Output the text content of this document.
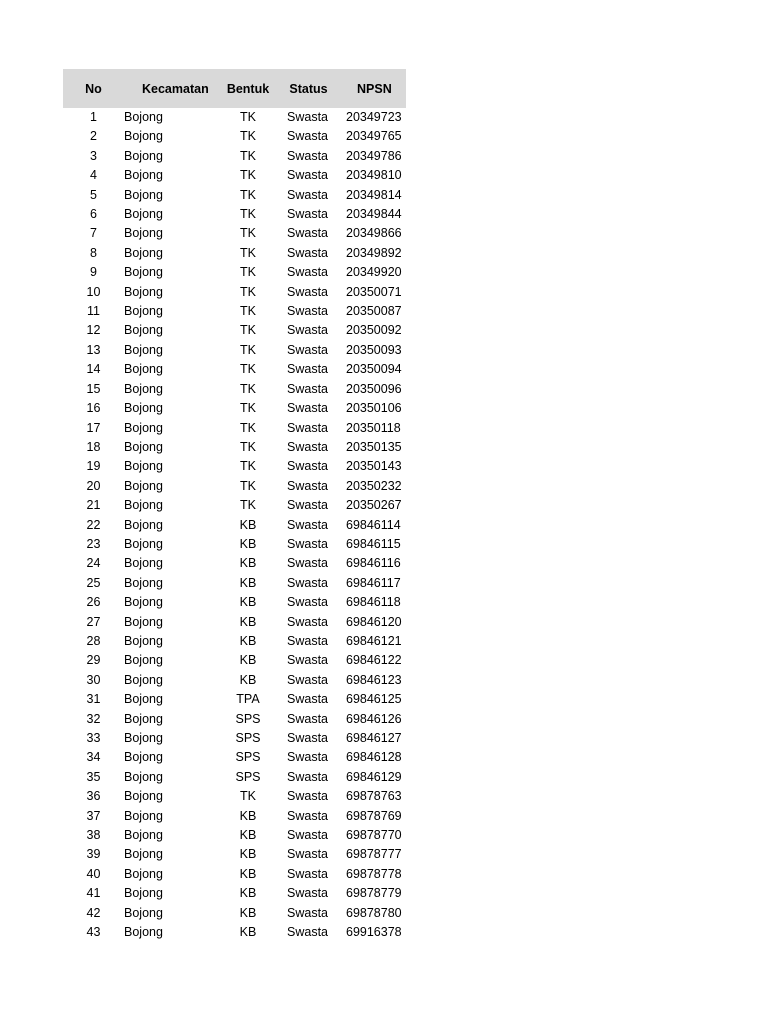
No	Kecamatan	Bentuk	Status	NPSN
1	Bojong	TK	Swasta	20349723
2	Bojong	TK	Swasta	20349765
3	Bojong	TK	Swasta	20349786
4	Bojong	TK	Swasta	20349810
5	Bojong	TK	Swasta	20349814
6	Bojong	TK	Swasta	20349844
7	Bojong	TK	Swasta	20349866
8	Bojong	TK	Swasta	20349892
9	Bojong	TK	Swasta	20349920
10	Bojong	TK	Swasta	20350071
11	Bojong	TK	Swasta	20350087
12	Bojong	TK	Swasta	20350092
13	Bojong	TK	Swasta	20350093
14	Bojong	TK	Swasta	20350094
15	Bojong	TK	Swasta	20350096
16	Bojong	TK	Swasta	20350106
17	Bojong	TK	Swasta	20350118
18	Bojong	TK	Swasta	20350135
19	Bojong	TK	Swasta	20350143
20	Bojong	TK	Swasta	20350232
21	Bojong	TK	Swasta	20350267
22	Bojong	KB	Swasta	69846114
23	Bojong	KB	Swasta	69846115
24	Bojong	KB	Swasta	69846116
25	Bojong	KB	Swasta	69846117
26	Bojong	KB	Swasta	69846118
27	Bojong	KB	Swasta	69846120
28	Bojong	KB	Swasta	69846121
29	Bojong	KB	Swasta	69846122
30	Bojong	KB	Swasta	69846123
31	Bojong	TPA	Swasta	69846125
32	Bojong	SPS	Swasta	69846126
33	Bojong	SPS	Swasta	69846127
34	Bojong	SPS	Swasta	69846128
35	Bojong	SPS	Swasta	69846129
36	Bojong	TK	Swasta	69878763
37	Bojong	KB	Swasta	69878769
38	Bojong	KB	Swasta	69878770
39	Bojong	KB	Swasta	69878777
40	Bojong	KB	Swasta	69878778
41	Bojong	KB	Swasta	69878779
42	Bojong	KB	Swasta	69878780
43	Bojong	KB	Swasta	69916378
